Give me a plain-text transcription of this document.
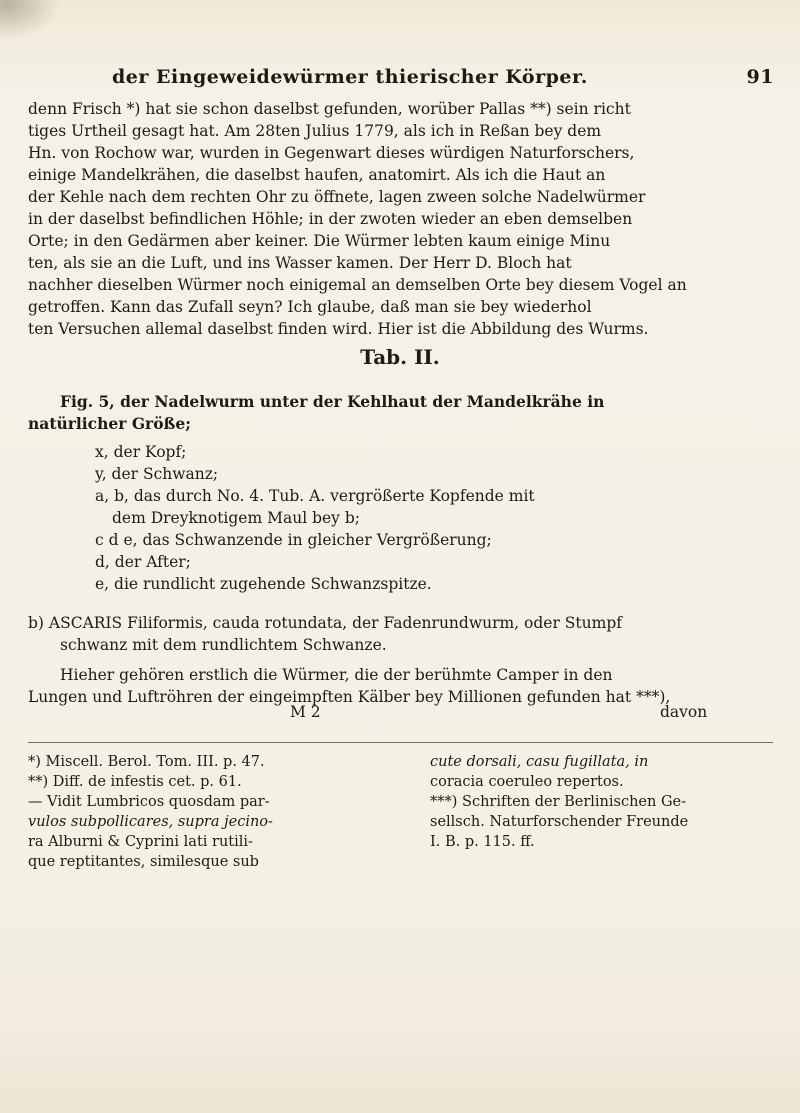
der Eingeweidewürmer thierischer Körper.	91
denn Frisch *) hat sie schon daselbst gefunden, worüber Pallas **) sein richt
tiges Urtheil gesagt hat. Am 28ten Julius 1779, als ich in Reßan bey dem
Hn. von Rochow war, wurden in Gegenwart dieses würdigen Naturforschers,
einige Mandelkrähen, die daselbst haufen, anatomirt. Als ich die Haut an
der Kehle nach dem rechten Ohr zu öffnete, lagen zween solche Nadelwürmer
in der daselbst befindlichen Höhle; in der zwoten wieder an eben demselben
Orte; in den Gedärmen aber keiner. Die Würmer lebten kaum einige Minu
ten, als sie an die Luft, und ins Wasser kamen. Der Herr D. Bloch hat
nachher dieselben Würmer noch einigemal an demselben Orte bey diesem Vogel an
getroffen. Kann das Zufall seyn? Ich glaube, daß man sie bey wiederhol
ten Versuchen allemal daselbst finden wird. Hier ist die Abbildung des Wurms.
Tab. II.
Fig. 5, der Nadelwurm unter der Kehlhaut der Mandelkrähe in
natürlicher Größe;
x, der Kopf;
y, der Schwanz;
a, b, das durch No. 4. Tub. A. vergrößerte Kopfende mit
dem Dreyknotigem Maul bey b;
c d e, das Schwanzende in gleicher Vergrößerung;
d, der After;
e, die rundlicht zugehende Schwanzspitze.
b) ASCARIS Filiformis, cauda rotundata, der Fadenrundwurm, oder Stumpf
schwanz mit dem rundlichtem Schwanze.
Hieher gehören erstlich die Würmer, die der berühmte Camper in den
Lungen und Luftröhren der eingeimpften Kälber bey Millionen gefunden hat ***),
M 2	davon
*) Miscell. Berol. Tom. III. p. 47.
**) Diff. de infestis cet. p. 61.
— Vidit Lumbricos quosdam par-
vulos subpollicares, supra jecino-
ra Alburni & Cyprini lati rutili-
que reptitantes, similesque sub
cute dorsali, casu fugillata, in
coracia coeruleo repertos.
***) Schriften der Berlinischen Ge-
sellsch. Naturforschender Freunde
I. B. p. 115. ff.
